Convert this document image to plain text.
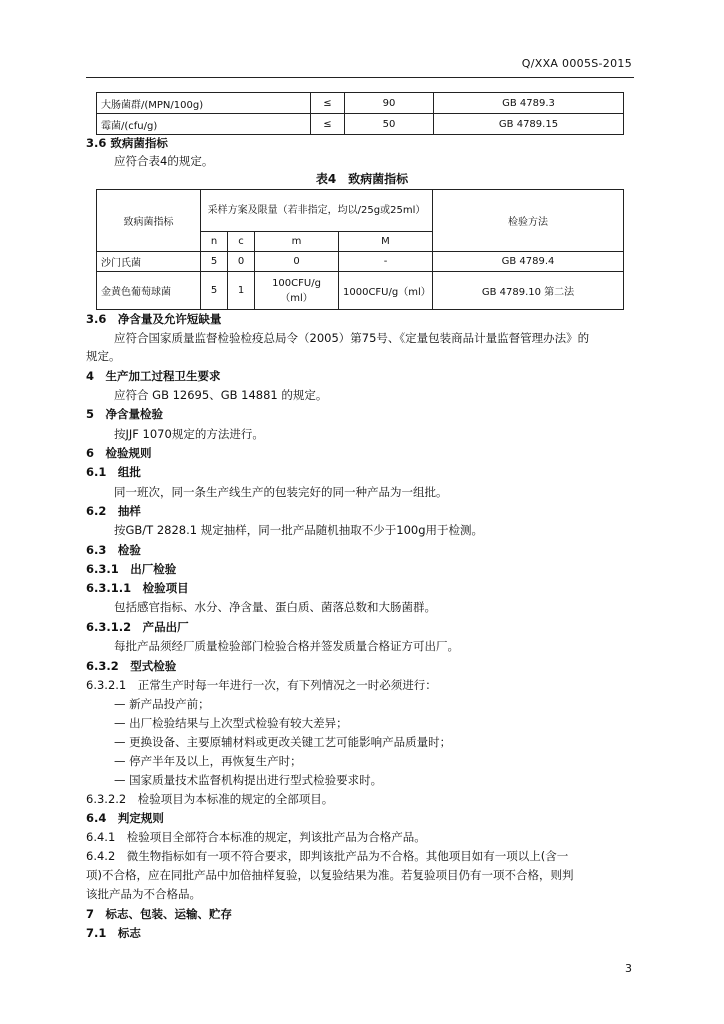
Q/XXA 0005S-2015
大肠菌群/(MPN/100g)	≤	90	GB 4789.3
霉菌/(cfu/g)	≤	50	GB 4789.15
3.6 致病菌指标
应符合表4的规定。
表4　致病菌指标
致病菌指标	采样方案及限量（若非指定，均以/25g或25ml）				检验方法
	n	c	m	M	
沙门氏菌	5	0	0	-	GB 4789.4
金黄色葡萄球菌	5	1	100CFU/g（ml）	1000CFU/g（ml）	GB 4789.10 第二法
3.6　净含量及允许短缺量
应符合国家质量监督检验检疫总局令（2005）第75号、《定量包装商品计量监督管理办法》的
规定。
4　生产加工过程卫生要求
应符合 GB 12695、GB 14881 的规定。
5　净含量检验
按JJF 1070规定的方法进行。
6　检验规则
6.1　组批
同一班次，同一条生产线生产的包装完好的同一种产品为一组批。
6.2　抽样
按GB/T 2828.1 规定抽样，同一批产品随机抽取不少于100g用于检测。
6.3　检验
6.3.1　出厂检验
6.3.1.1　检验项目
包括感官指标、水分、净含量、蛋白质、菌落总数和大肠菌群。
6.3.1.2　产品出厂
每批产品须经厂质量检验部门检验合格并签发质量合格证方可出厂。
6.3.2　型式检验
6.3.2.1　正常生产时每一年进行一次，有下列情况之一时必须进行：
— 新产品投产前；
— 出厂检验结果与上次型式检验有较大差异；
— 更换设备、主要原辅材料或更改关键工艺可能影响产品质量时；
— 停产半年及以上，再恢复生产时；
— 国家质量技术监督机构提出进行型式检验要求时。
6.3.2.2　检验项目为本标准的规定的全部项目。
6.4　判定规则
6.4.1　检验项目全部符合本标准的规定，判该批产品为合格产品。
6.4.2　微生物指标如有一项不符合要求，即判该批产品为不合格。其他项目如有一项以上(含一
项)不合格，应在同批产品中加倍抽样复验，以复验结果为准。若复验项目仍有一项不合格，则判
该批产品为不合格品。
7　标志、包装、运输、贮存
7.1　标志
3
